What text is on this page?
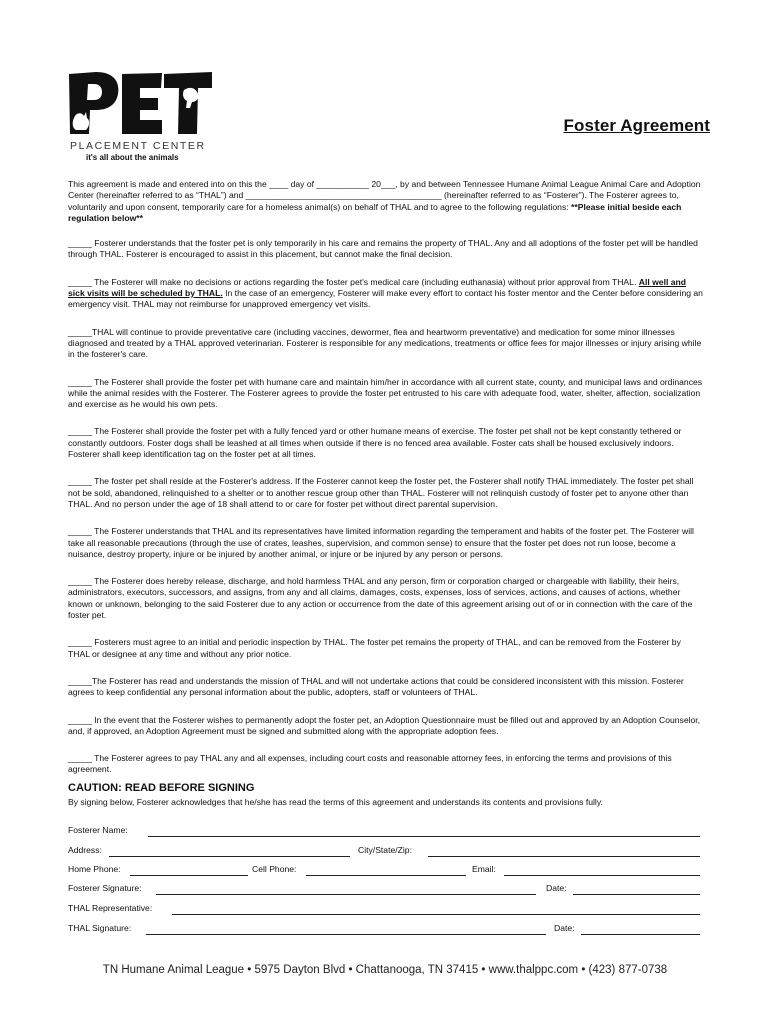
PLACEMENT CENTER
it's all about the animals
Foster Agreement

This agreement is made and entered into on this the ____ day of ___________ 20___, by and between Tennessee Humane Animal League Animal Care and Adoption Center (hereinafter referred to as “THAL”) and _________________________________________ (hereinafter referred to as “Fosterer”). The Fosterer agrees to, voluntarily and upon consent, temporarily care for a homeless animal(s) on behalf of THAL and to agree to the following regulations: **Please initial beside each regulation below**

_____ Fosterer understands that the foster pet is only temporarily in his care and remains the property of THAL. Any and all adoptions of the foster pet will be handled through THAL. Fosterer is encouraged to assist in this placement, but cannot make the final decision.

_____ The Fosterer will make no decisions or actions regarding the foster pet's medical care (including euthanasia) without prior approval from THAL. All well and sick visits will be scheduled by THAL. In the case of an emergency, Fosterer will make every effort to contact his foster mentor and the Center before considering an emergency visit. THAL may not reimburse for unapproved emergency vet visits.

_____THAL will continue to provide preventative care (including vaccines, dewormer, flea and heartworm preventative) and medication for some minor illnesses diagnosed and treated by a THAL approved veterinarian. Fosterer is responsible for any medications, treatments or office fees for major illnesses or injury arising while in the fosterer's care.

_____ The Fosterer shall provide the foster pet with humane care and maintain him/her in accordance with all current state, county, and municipal laws and ordinances while the animal resides with the Fosterer. The Fosterer agrees to provide the foster pet entrusted to his care with adequate food, water, shelter, affection, socialization and exercise as he would his own pets.

_____ The Fosterer shall provide the foster pet with a fully fenced yard or other humane means of exercise. The foster pet shall not be kept constantly tethered or constantly outdoors. Foster dogs shall be leashed at all times when outside if there is no fenced area available. Foster cats shall be housed exclusively indoors. Fosterer shall keep identification tag on the foster pet at all times.

_____ The foster pet shall reside at the Fosterer's address. If the Fosterer cannot keep the foster pet, the Fosterer shall notify THAL immediately. The foster pet shall not be sold, abandoned, relinquished to a shelter or to another rescue group other than THAL. Fosterer will not relinquish custody of foster pet to anyone other than THAL. And no person under the age of 18 shall attend to or care for foster pet without direct parental supervision.

_____ The Fosterer understands that THAL and its representatives have limited information regarding the temperament and habits of the foster pet. The Fosterer will take all reasonable precautions (through the use of crates, leashes, supervision, and common sense) to ensure that the foster pet does not run loose, become a nuisance, destroy property, injure or be injured by another animal, or injure or be injured by any person or persons.

_____ The Fosterer does hereby release, discharge, and hold harmless THAL and any person, firm or corporation charged or chargeable with liability, their heirs, administrators, executors, successors, and assigns, from any and all claims, damages, costs, expenses, loss of services, actions, and causes of actions, whether known or unknown, belonging to the said Fosterer due to any action or occurrence from the date of this agreement arising out of or in connection with the care of the foster pet.

_____ Fosterers must agree to an initial and periodic inspection by THAL. The foster pet remains the property of THAL, and can be removed from the Fosterer by THAL or designee at any time and without any prior notice.

_____The Fosterer has read and understands the mission of THAL and will not undertake actions that could be considered inconsistent with this mission. Fosterer agrees to keep confidential any personal information about the public, adopters, staff or volunteers of THAL.

_____ In the event that the Fosterer wishes to permanently adopt the foster pet, an Adoption Questionnaire must be filled out and approved by an Adoption Counselor, and, if approved, an Adoption Agreement must be signed and submitted along with the appropriate adoption fees.

_____ The Fosterer agrees to pay THAL any and all expenses, including court costs and reasonable attorney fees, in enforcing the terms and provisions of this agreement.

CAUTION: READ BEFORE SIGNING
By signing below, Fosterer acknowledges that he/she has read the terms of this agreement and understands its contents and provisions fully.
Fosterer Name:
Address:	City/State/Zip:
Home Phone:	Cell Phone:	Email:
Fosterer Signature:	Date:
THAL Representative:
THAL Signature:	Date:
TN Humane Animal League • 5975 Dayton Blvd • Chattanooga, TN 37415 • www.thalppc.com • (423) 877-0738
